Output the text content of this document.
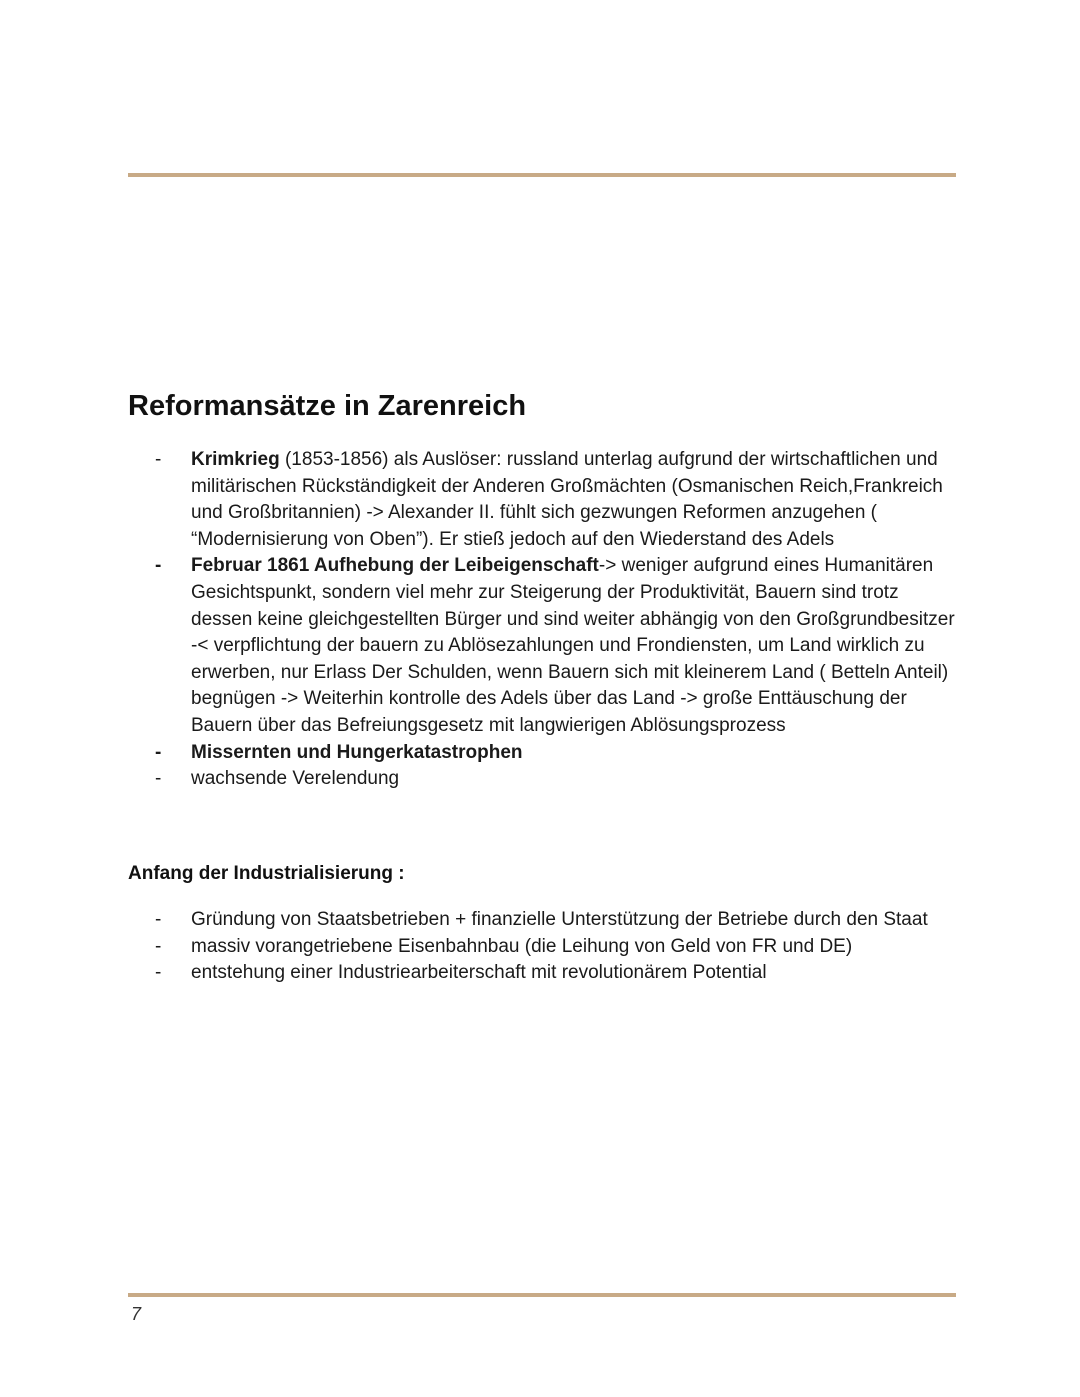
Reformansätze in Zarenreich
-	Krimkrieg (1853-1856) als Auslöser: russland unterlag aufgrund der wirtschaftlichen und militärischen Rückständigkeit der Anderen Großmächten (Osmanischen Reich,Frankreich und Großbritannien) -> Alexander II. fühlt sich gezwungen Reformen anzugehen ( “Modernisierung von Oben”). Er stieß jedoch auf den Wiederstand des Adels
-	Februar 1861 Aufhebung der Leibeigenschaft-> weniger aufgrund eines Humanitären Gesichtspunkt, sondern viel mehr zur Steigerung der Produktivität, Bauern sind trotz dessen keine gleichgestellten Bürger und sind weiter abhängig von den Großgrundbesitzer -< verpflichtung der bauern zu Ablösezahlungen und Frondiensten, um Land wirklich zu erwerben, nur Erlass Der Schulden, wenn Bauern sich mit kleinerem Land ( Betteln Anteil) begnügen -> Weiterhin kontrolle des Adels über das Land -> große Enttäuschung der Bauern über das Befreiungsgesetz mit langwierigen Ablösungsprozess
-	Missernten und Hungerkatastrophen
-	wachsende Verelendung
Anfang der Industrialisierung :
-	Gründung von Staatsbetrieben + finanzielle Unterstützung der Betriebe durch den Staat
-	massiv vorangetriebene Eisenbahnbau (die Leihung von Geld von FR und DE)
-	entstehung einer Industriearbeiterschaft mit revolutionärem Potential
7
